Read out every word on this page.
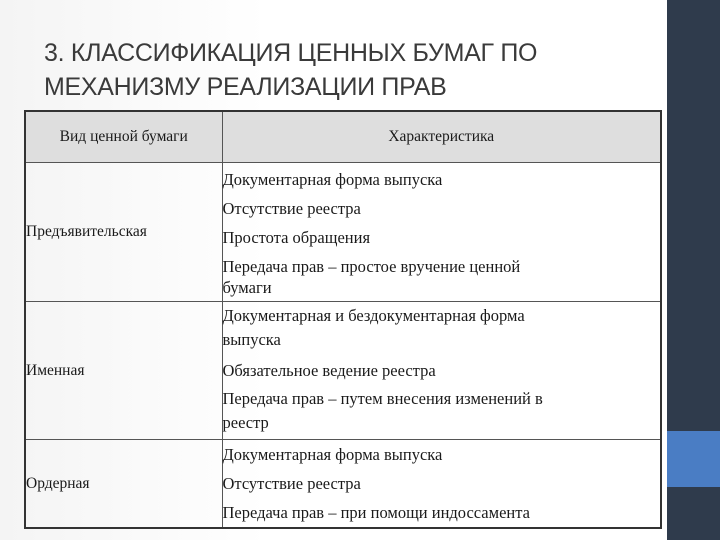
3. КЛАССИФИКАЦИЯ ЦЕННЫХ БУМАГ ПО
МЕХАНИЗМУ РЕАЛИЗАЦИИ ПРАВ
Вид ценной бумаги	Характеристика
Предъявительская	Документарная форма выпуска
Отсутствие реестра
Простота обращения
Передача прав – простое вручение ценной
бумаги

Именная	Документарная и бездокументарная форма
выпуска
Обязательное ведение реестра
Передача прав – путем внесения изменений в
реестр

Ордерная	Документарная форма выпуска
Отсутствие реестра
Передача прав – при помощи индоссамента
